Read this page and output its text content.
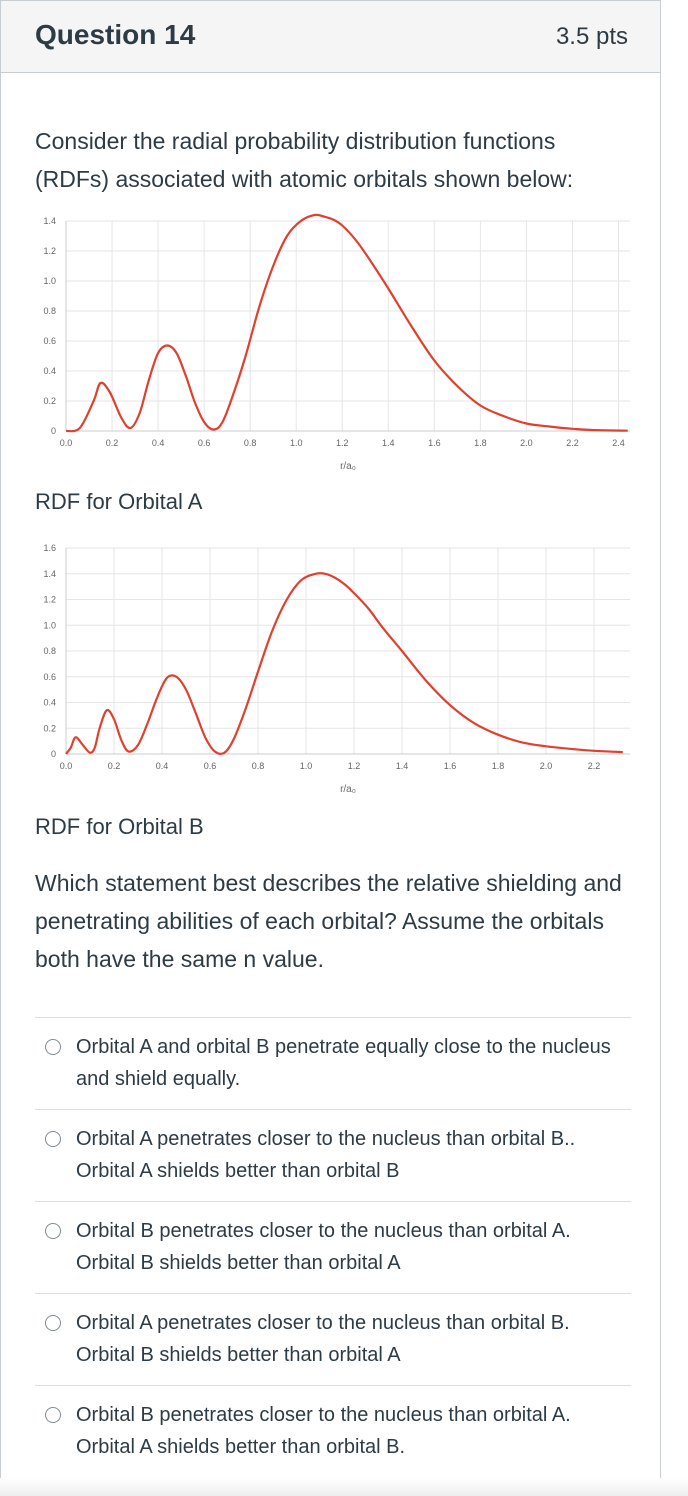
Question 14	3.5 pts
Consider the radial probability distribution functions (RDFs) associated with atomic orbitals shown below:
0.0	0.2	0.4	0.6	0.8	1.0	1.2	1.4	1.6	1.8	2.0	2.2	2.4
0
0.2
0.4
0.6
0.8
1.0
1.2
1.4
r/a₀
RDF for Orbital A
0.0	0.2	0.4	0.6	0.8	1.0	1.2	1.4	1.6	1.8	2.0	2.2
0
0.2
0.4
0.6
0.8
1.0
1.2
1.4
1.6
r/a₀
RDF for Orbital B
Which statement best describes the relative shielding and penetrating abilities of each orbital? Assume the orbitals both have the same n value.
Orbital A and orbital B penetrate equally close to the nucleus and shield equally.
Orbital A penetrates closer to the nucleus than orbital B.. Orbital A shields better than orbital B
Orbital B penetrates closer to the nucleus than orbital A. Orbital B shields better than orbital A
Orbital A penetrates closer to the nucleus than orbital B. Orbital B shields better than orbital A
Orbital B penetrates closer to the nucleus than orbital A. Orbital A shields better than orbital B.
